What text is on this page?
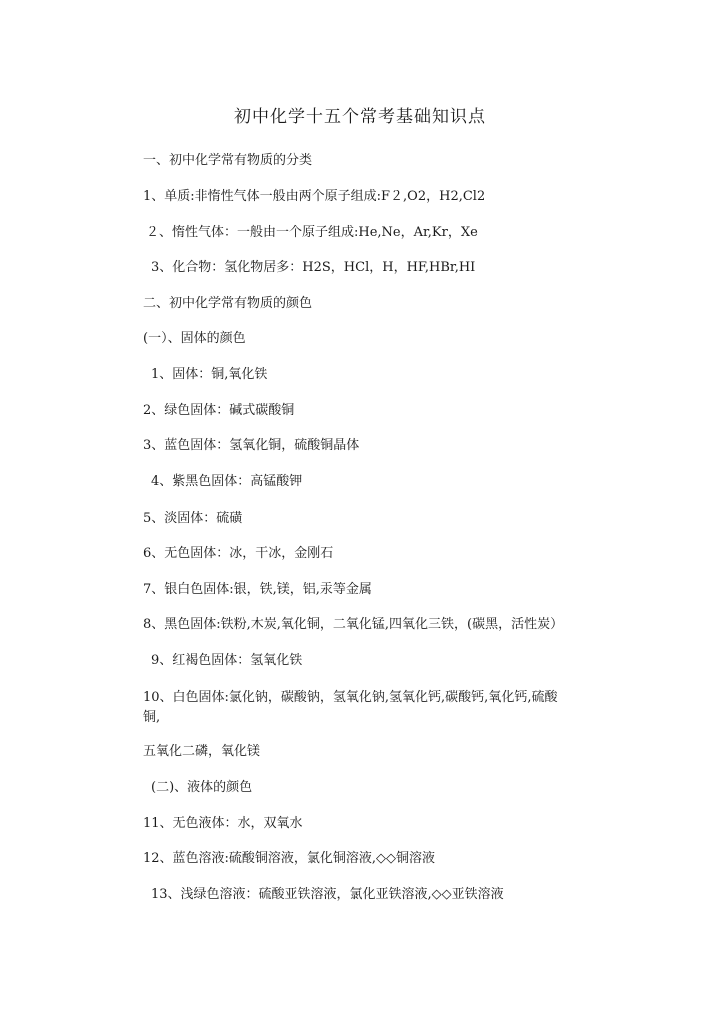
初中化学十五个常考基础知识点
一、初中化学常有物质的分类
1、单质:非惰性气体一般由两个原子组成:F２,O2，H2,Cl2
２、惰性气体：一般由一个原子组成:He,Ne，Ar,Kr，Xe
3、化合物：氢化物居多：H2S，HCl，H，HF,HBr,HI
二、初中化学常有物质的颜色
(一）、固体的颜色
1、固体：铜,氧化铁
2、绿色固体：碱式碳酸铜
3、蓝色固体：氢氧化铜，硫酸铜晶体
4、紫黑色固体：高锰酸钾
5、淡固体：硫磺
6、无色固体：冰，干冰，金刚石
7、银白色固体:银，铁,镁，铝,汞等金属
8、黑色固体:铁粉,木炭,氧化铜，二氧化锰,四氧化三铁，(碳黑，活性炭）
9、红褐色固体：氢氧化铁
10、白色固体:氯化钠，碳酸钠，氢氧化钠,氢氧化钙,碳酸钙,氧化钙,硫酸铜,
五氧化二磷，氧化镁
(二)、液体的颜色
11、无色液体：水，双氧水
12、蓝色溶液:硫酸铜溶液，氯化铜溶液,◇◇铜溶液
13、浅绿色溶液：硫酸亚铁溶液，氯化亚铁溶液,◇◇亚铁溶液
